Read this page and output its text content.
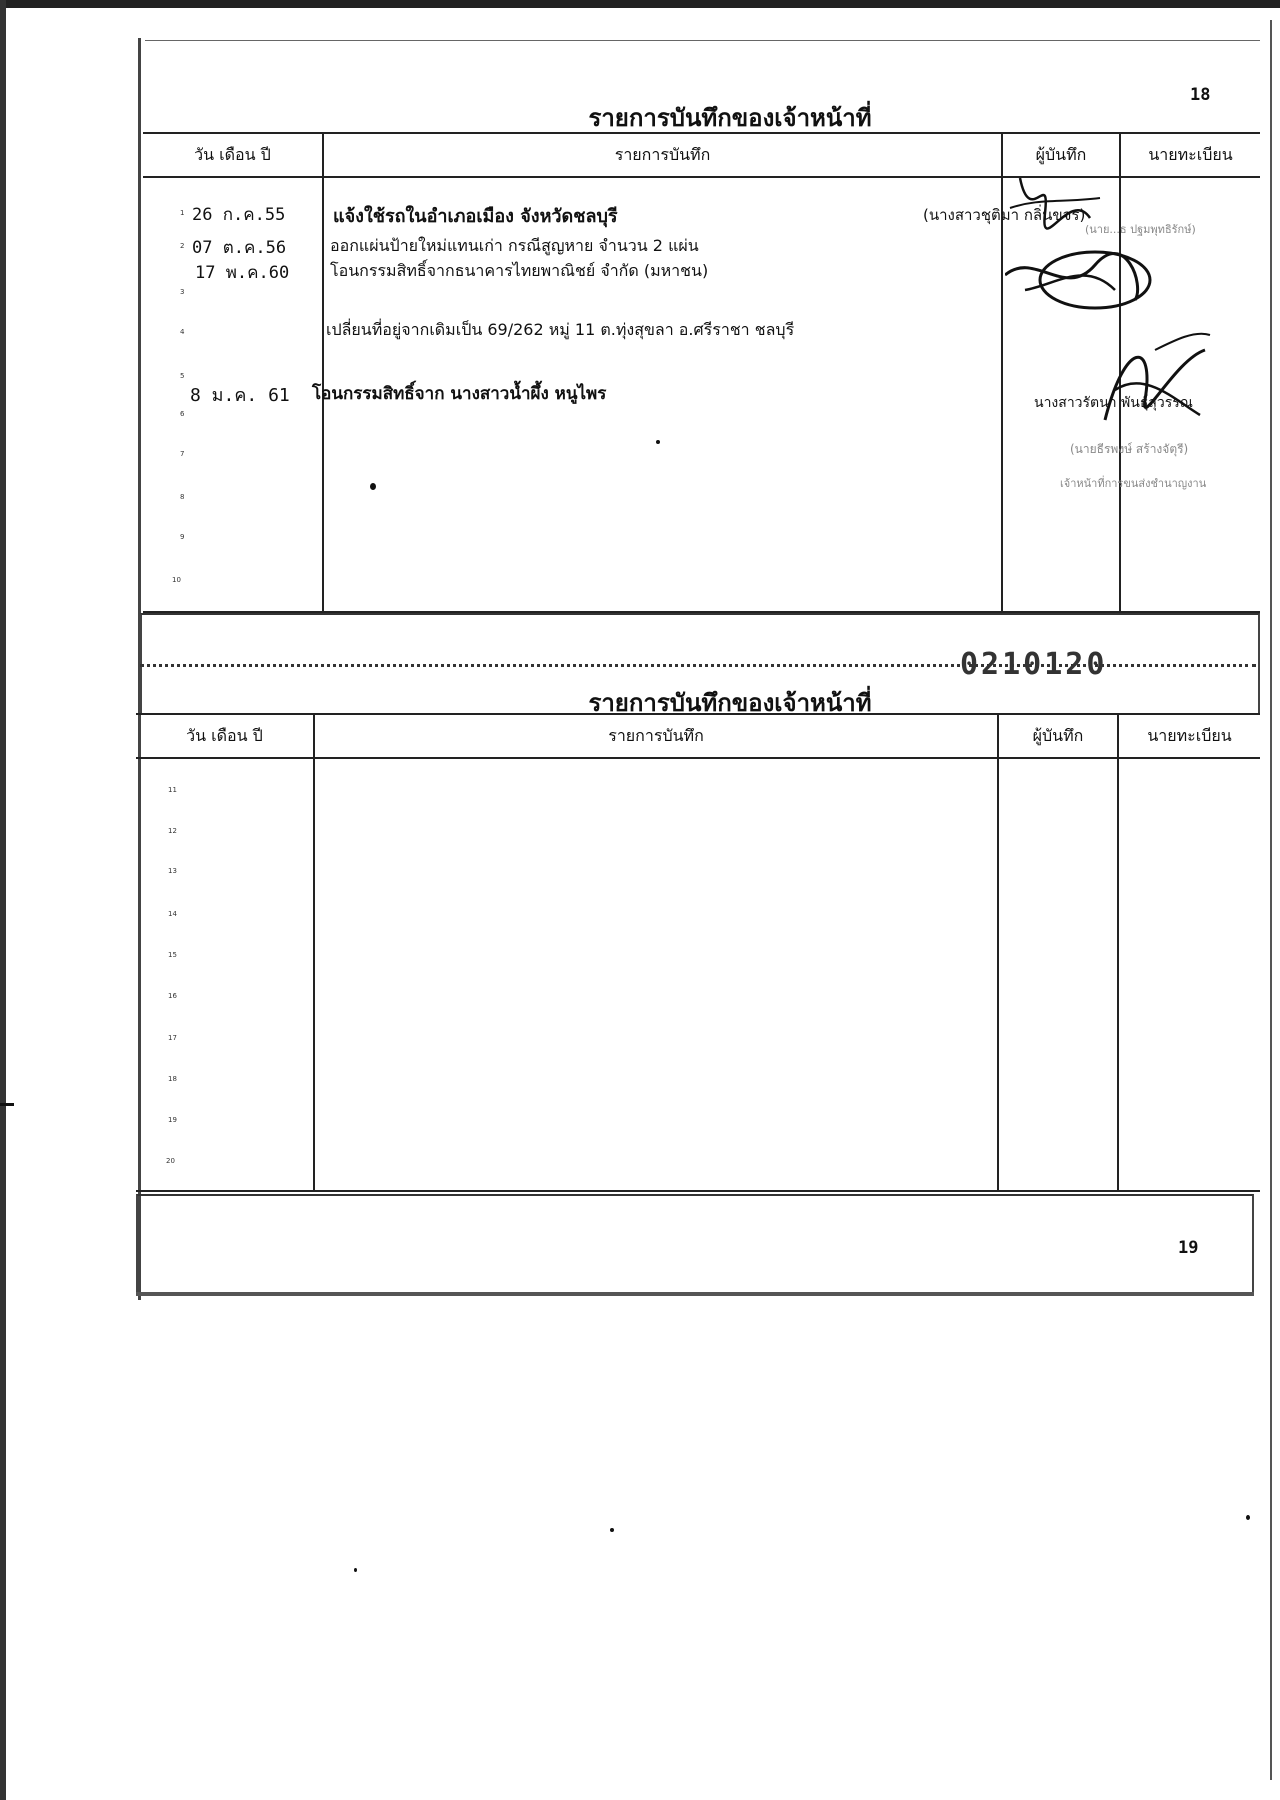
18
รายการบันทึกของเจ้าหน้าที่
วัน เดือน ปี	รายการบันทึก	ผู้บันทึก	นายทะเบียน

1
2
3
4
5
6
7
8
9
10
26 ก.ค.55	แจ้งใช้รถในอำเภอเมือง จังหวัดชลบุรี	(นางสาวชุติมา กลิ่นขจร)
07 ต.ค.56	ออกแผ่นป้ายใหม่แทนเก่า กรณีสูญหาย จำนวน 2 แผ่น
(นาย...ธ ปฐมพุทธิรักษ์)
17 พ.ค.60	โอนกรรมสิทธิ์จากธนาคารไทยพาณิชย์ จำกัด (มหาชน)
เปลี่ยนที่อยู่จากเดิมเป็น 69/262 หมู่ 11 ต.ทุ่งสุขลา อ.ศรีราชา ชลบุรี
8 ม.ค. 61 โอนกรรมสิทธิ์จาก นางสาวน้ำผึ้ง หนูไพร	นางสาวรัตนา พันธุ์สุวรรณ
(นายธีรพงษ์ สร้างจัตุรี)
เจ้าหน้าที่การขนส่งชำนาญงาน
0210120
รายการบันทึกของเจ้าหน้าที่
วัน เดือน ปี	รายการบันทึก	ผู้บันทึก	นายทะเบียน

11
12
13
14
15
16
17
18
19
20
19
